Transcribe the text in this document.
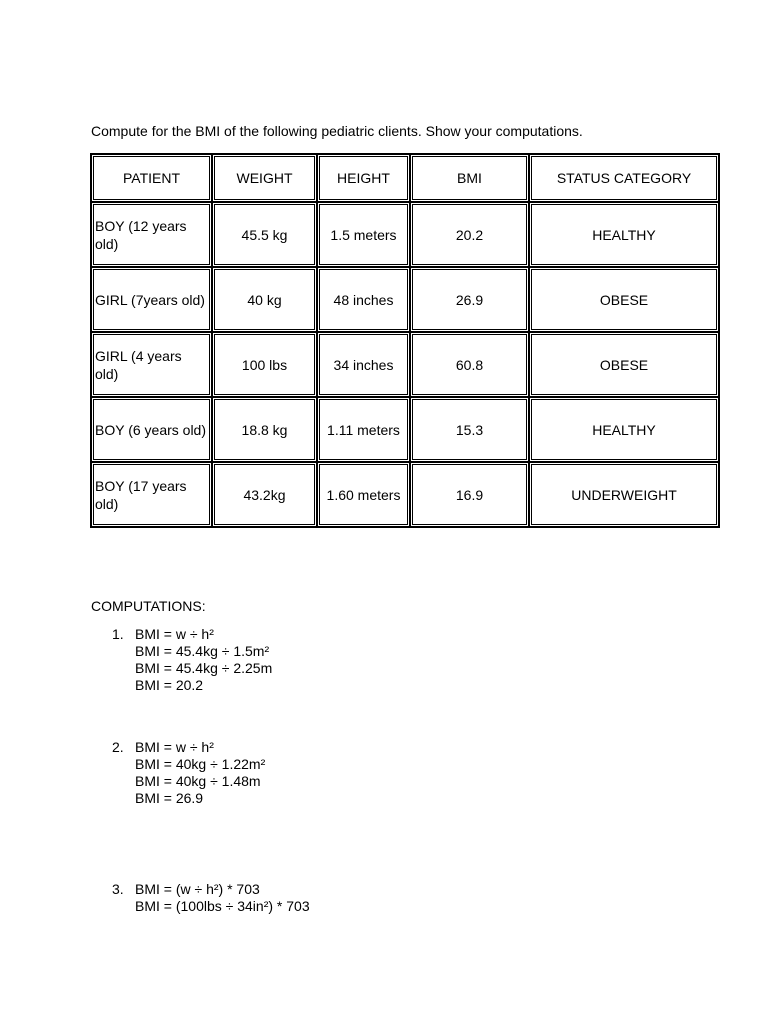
Compute for the BMI of the following pediatric clients. Show your computations.
PATIENT	WEIGHT	HEIGHT	BMI	STATUS CATEGORY
BOY (12 years old)	45.5 kg	1.5 meters	20.2	HEALTHY
GIRL (7years old)	40 kg	48 inches	26.9	OBESE
GIRL (4 years old)	100 lbs	34 inches	60.8	OBESE
BOY (6 years old)	18.8 kg	1.11 meters	15.3	HEALTHY
BOY (17 years old)	43.2kg	1.60 meters	16.9	UNDERWEIGHT
COMPUTATIONS:
1. BMI = w ÷ h²
BMI = 45.4kg ÷ 1.5m²
BMI = 45.4kg ÷ 2.25m
BMI = 20.2
2. BMI = w ÷ h²
BMI = 40kg ÷ 1.22m²
BMI = 40kg ÷ 1.48m
BMI = 26.9
3. BMI = (w ÷ h²) * 703
BMI = (100lbs ÷ 34in²) * 703
